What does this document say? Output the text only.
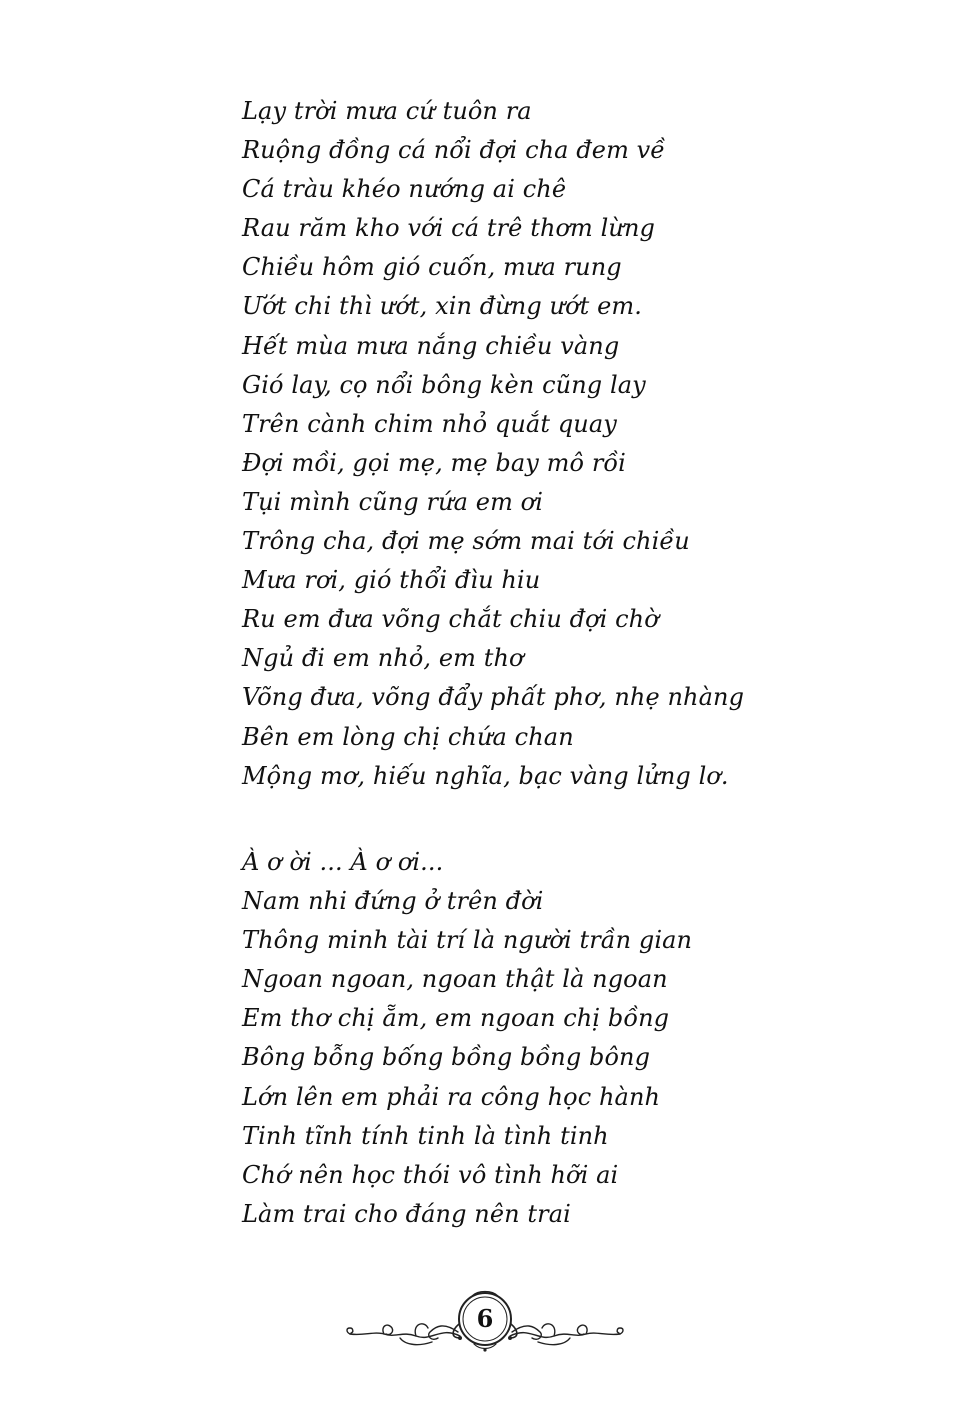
Lạy trời mưa cứ tuôn ra
Ruộng đồng cá nổi đợi cha đem về
Cá tràu khéo nướng ai chê
Rau răm kho với cá trê thơm lừng
Chiều hôm gió cuốn, mưa rung
Ướt chi thì ướt, xin đừng ướt em.
Hết mùa mưa nắng chiều vàng
Gió lay, cọ nổi bông kèn cũng lay
Trên cành chim nhỏ quắt quay
Đợi mồi, gọi mẹ, mẹ bay mô rồi
Tụi mình cũng rứa em ơi
Trông cha, đợi mẹ sớm mai tới chiều
Mưa rơi, gió thổi đìu hiu
Ru em đưa võng chắt chiu đợi chờ
Ngủ đi em nhỏ, em thơ
Võng đưa, võng đẩy phất phơ, nhẹ nhàng
Bên em lòng chị chứa chan
Mộng mơ, hiếu nghĩa, bạc vàng lửng lơ.
À ơ ời ... À ơ ơi...
Nam nhi đứng ở trên đời
Thông minh tài trí là người trần gian
Ngoan ngoan, ngoan thật là ngoan
Em thơ chị ẵm, em ngoan chị bồng
Bông bỗng bống bồng bồng bông
Lớn lên em phải ra công học hành
Tinh tĩnh tính tinh là tình tinh
Chớ nên học thói vô tình hỡi ai
Làm trai cho đáng nên trai
6
